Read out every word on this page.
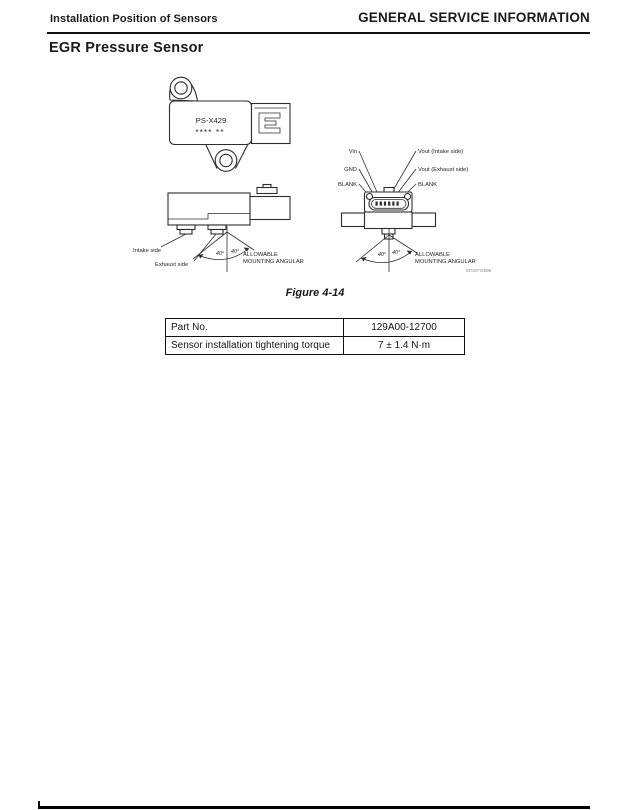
Installation Position of Sensors	GENERAL SERVICE INFORMATION
EGR Pressure Sensor
PS-X429
**** **
Intake side
Exhaust side
40° 40° ALLOWABLE
MOUNTING ANGULAR
Vin
GND
BLANK
Vout (Intake side)
Vout (Exhaust side)
BLANK
40° 40°	ALLOWABLE
MOUNTING ANGULAR
037297-00809
Figure 4-14
Part No.	129A00-12700
Sensor installation tightening torque	7 ± 1.4 N·m
